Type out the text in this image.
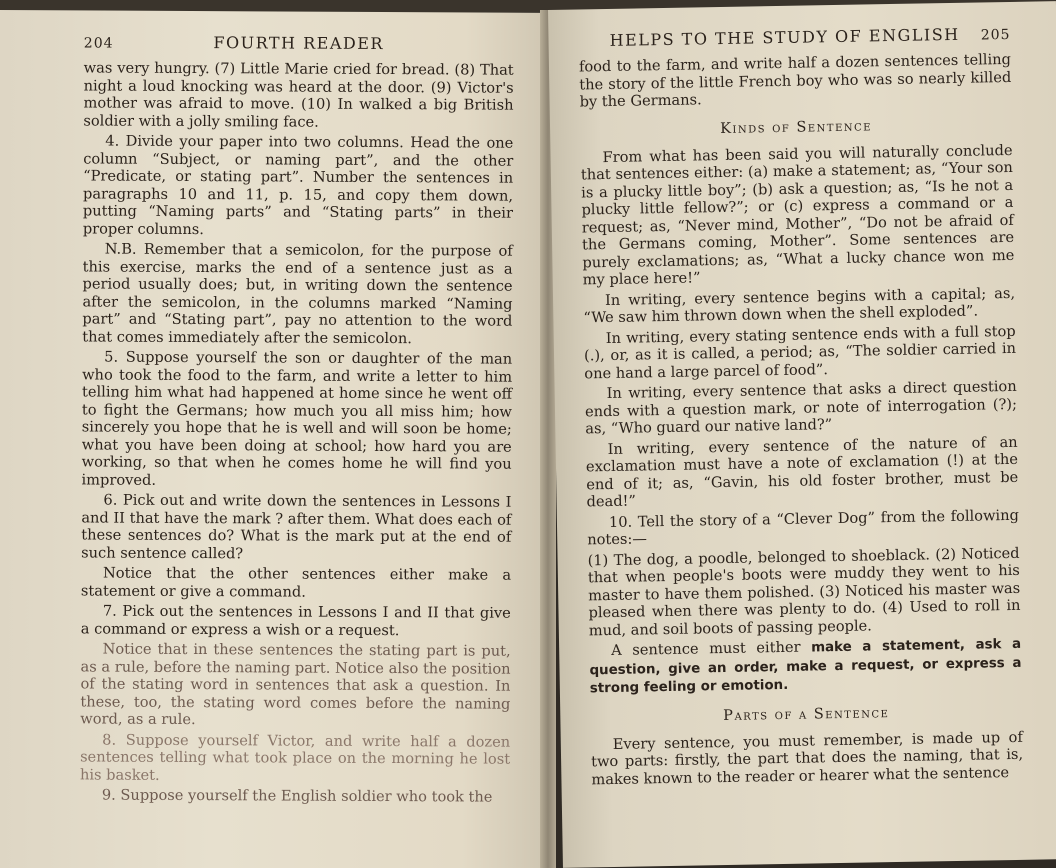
204	FOURTH READER

was very hungry. (7) Little Marie cried for bread. (8) That night a loud knocking was heard at the door. (9) Victor's mother was afraid to move. (10) In walked a big British soldier with a jolly smiling face.

4. Divide your paper into two columns. Head the one column “Subject, or naming part”, and the other “Predicate, or stating part”. Number the sentences in paragraphs 10 and 11, p. 15, and copy them down, putting “Naming parts” and “Stating parts” in their proper columns.

N.B. Remember that a semicolon, for the purpose of this exercise, marks the end of a sentence just as a period usually does; but, in writing down the sentence after the semicolon, in the columns marked “Naming part” and “Stating part”, pay no attention to the word that comes immediately after the semicolon.

5. Suppose yourself the son or daughter of the man who took the food to the farm, and write a letter to him telling him what had happened at home since he went off to fight the Germans; how much you all miss him; how sincerely you hope that he is well and will soon be home; what you have been doing at school; how hard you are working, so that when he comes home he will find you improved.

6. Pick out and write down the sentences in Lessons I and II that have the mark ? after them. What does each of these sentences do? What is the mark put at the end of such sentence called?

Notice that the other sentences either make a statement or give a command.

7. Pick out the sentences in Lessons I and II that give a command or express a wish or a request.

Notice that in these sentences the stating part is put, as a rule, before the naming part. Notice also the position of the stating word in sentences that ask a question. In these, too, the stating word comes before the naming word, as a rule.

8. Suppose yourself Victor, and write half a dozen sentences telling what took place on the morning he lost his basket.

9. Suppose yourself the English soldier who took the

HELPS TO THE STUDY OF ENGLISH 205

food to the farm, and write half a dozen sentences telling the story of the little French boy who was so nearly killed by the Germans.

Kinds of Sentence

From what has been said you will naturally conclude that sentences either: (a) make a statement; as, “Your son is a plucky little boy”; (b) ask a question; as, “Is he not a plucky little fellow?”; or (c) express a command or a request; as, “Never mind, Mother”, “Do not be afraid of the Germans coming, Mother”. Some sentences are purely exclamations; as, “What a lucky chance won me my place here!”

In writing, every sentence begins with a capital; as, “We saw him thrown down when the shell exploded”.

In writing, every stating sentence ends with a full stop (.), or, as it is called, a period; as, “The soldier carried in one hand a large parcel of food”.

In writing, every sentence that asks a direct question ends with a question mark, or note of interrogation (?); as, “Who guard our native land?”

In writing, every sentence of the nature of an exclamation must have a note of exclamation (!) at the end of it; as, “Gavin, his old foster brother, must be dead!”

10. Tell the story of a “Clever Dog” from the following notes:—

(1) The dog, a poodle, belonged to shoeblack. (2) Noticed that when people's boots were muddy they went to his master to have them polished. (3) Noticed his master was pleased when there was plenty to do. (4) Used to roll in mud, and soil boots of passing people.

A sentence must either make a statement, ask a question, give an order, make a request, or express a strong feeling or emotion.

Parts of a Sentence

Every sentence, you must remember, is made up of two parts: firstly, the part that does the naming, that is, makes known to the reader or hearer what the sentence
